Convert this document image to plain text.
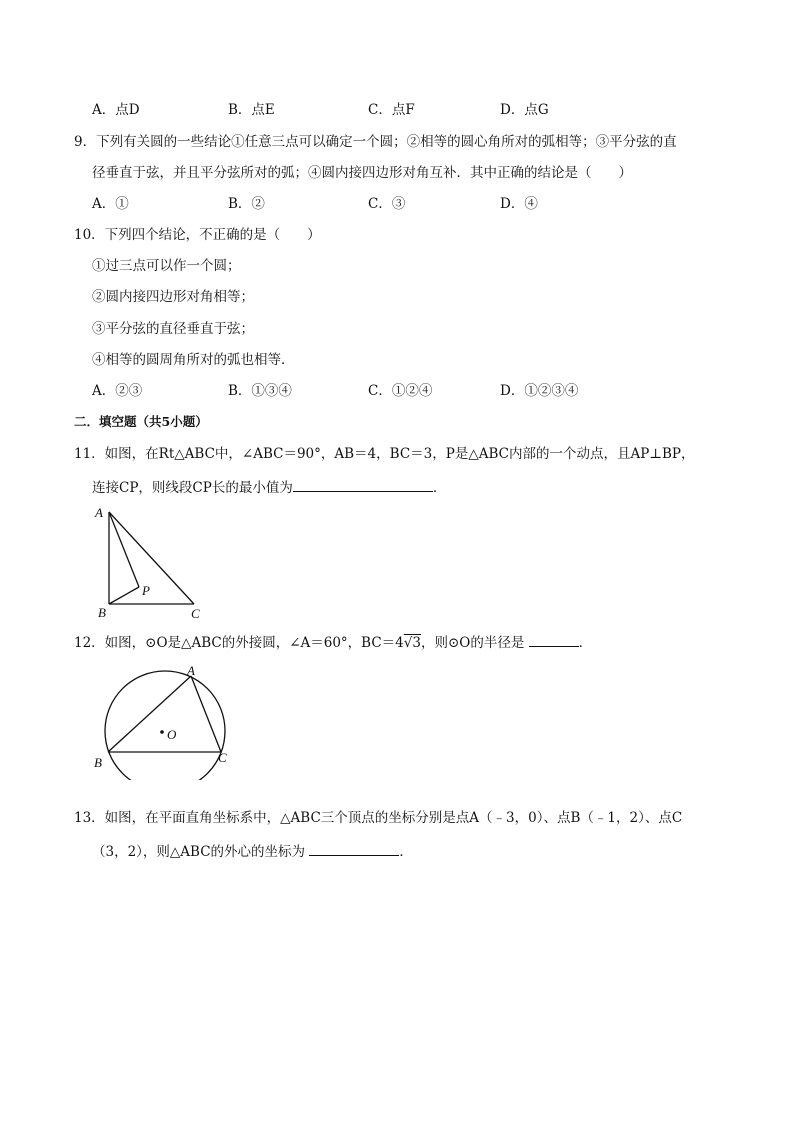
A．点D	B．点E	C．点F	D．点G
9．下列有关圆的一些结论①任意三点可以确定一个圆；②相等的圆心角所对的弧相等；③平分弦的直
径垂直于弦，并且平分弦所对的弧；④圆内接四边形对角互补．其中正确的结论是（　　）
A．①	B．②	C．③	D．④
10．下列四个结论，不正确的是（　　）
①过三点可以作一个圆；
②圆内接四边形对角相等；
③平分弦的直径垂直于弦；
④相等的圆周角所对的弧也相等．
A．②③	B．①③④	C．①②④	D．①②③④
二．填空题（共5小题）
11．如图，在Rt△ABC中，∠ABC＝90°，AB＝4，BC＝3，P是△ABC内部的一个动点，且AP⊥BP，
连接CP，则线段CP长的最小值为	．
A
B	C
P
12．如图，⊙O是△ABC的外接圆，∠A＝60°，BC＝4√3，则⊙O的半径是	．
A
B	C
O
13．如图，在平面直角坐标系中，△ABC三个顶点的坐标分别是点A（﹣3，0）、点B（﹣1，2）、点C
（3，2），则△ABC的外心的坐标为	．
